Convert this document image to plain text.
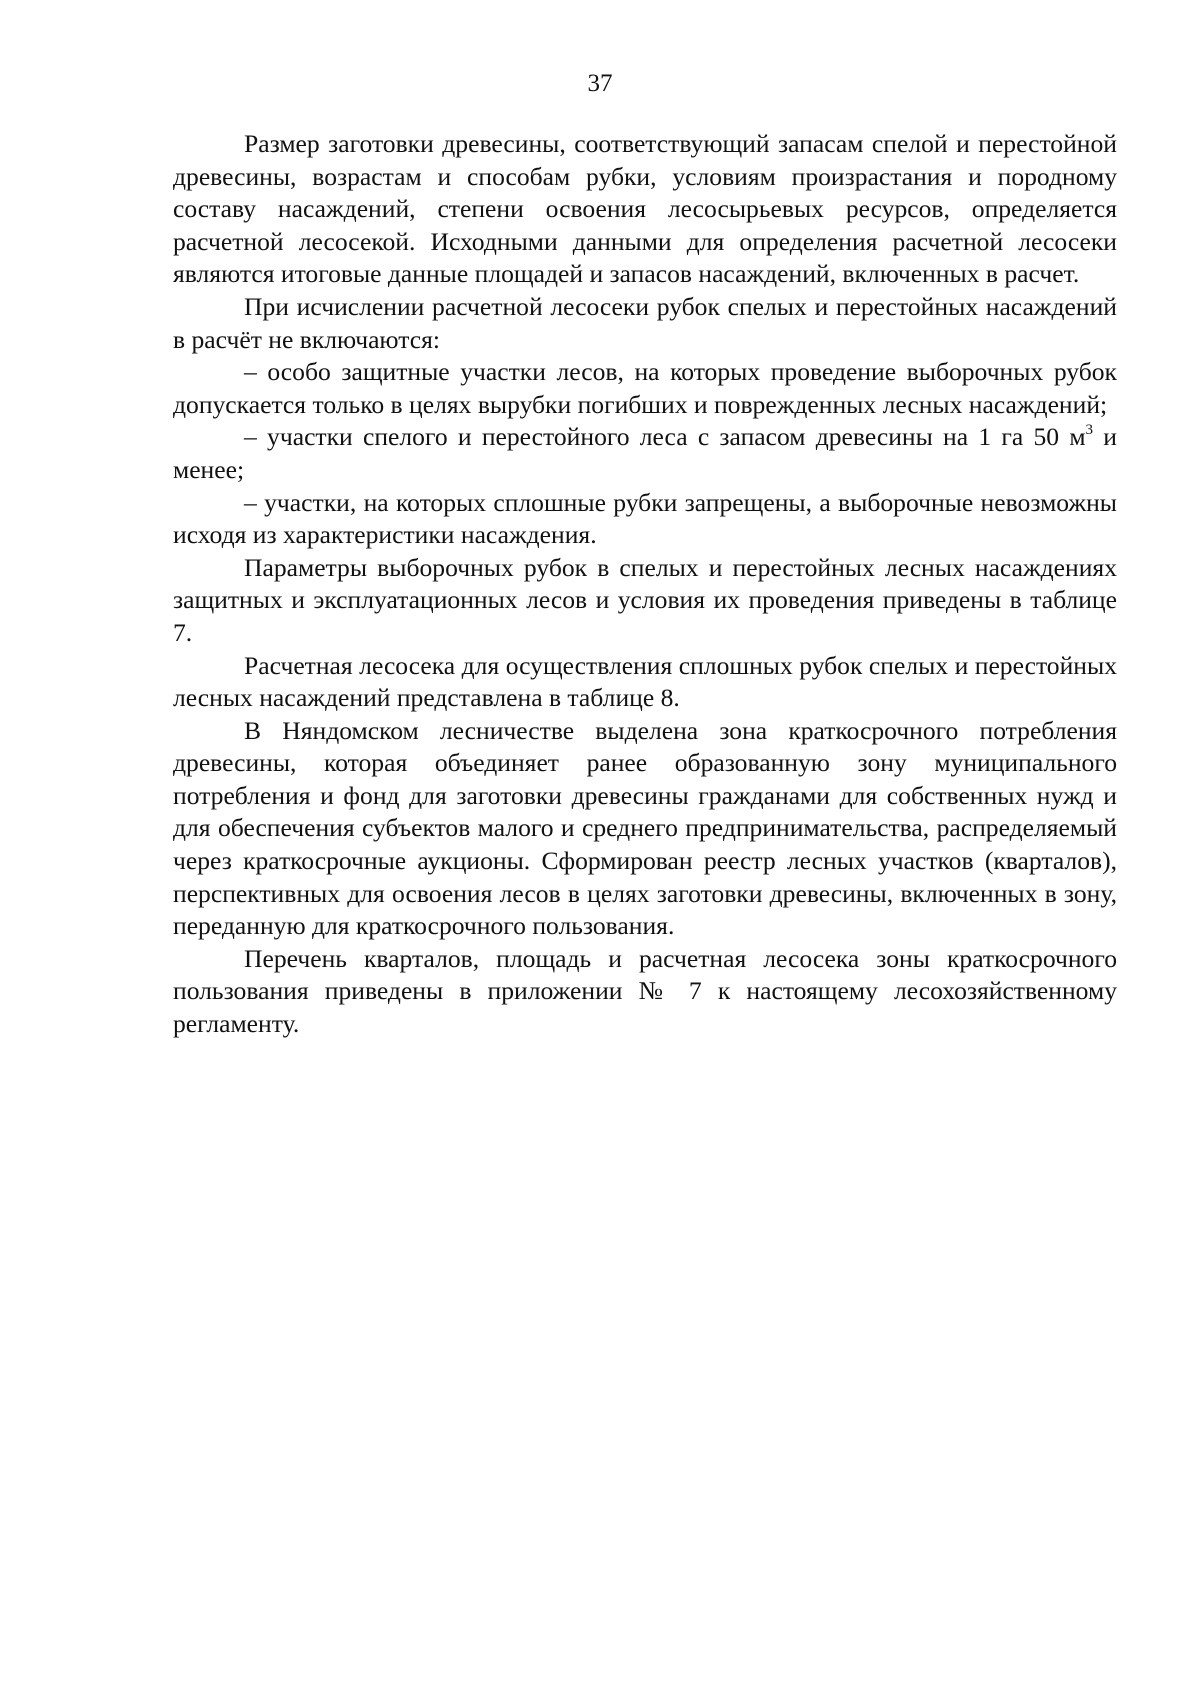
37

Размер заготовки древесины, соответствующий запасам спелой и перестойной древесины, возрастам и способам рубки, условиям произрастания и породному составу насаждений, степени освоения лесосырьевых ресурсов, определяется расчетной лесосекой. Исходными данными для определения расчетной лесосеки являются итоговые данные площадей и запасов насаждений, включенных в расчет.

При исчислении расчетной лесосеки рубок спелых и перестойных насаждений в расчёт не включаются:

– особо защитные участки лесов, на которых проведение выборочных рубок допускается только в целях вырубки погибших и поврежденных лесных насаждений;

– участки спелого и перестойного леса с запасом древесины на 1 га 50 $м^3$ и менее;

– участки, на которых сплошные рубки запрещены, а выборочные невозможны исходя из характеристики насаждения.

Параметры выборочных рубок в спелых и перестойных лесных насаждениях защитных и эксплуатационных лесов и условия их проведения приведены в таблице 7.

Расчетная лесосека для осуществления сплошных рубок спелых и перестойных лесных насаждений представлена в таблице 8.

В Няндомском лесничестве выделена зона краткосрочного потребления древесины, которая объединяет ранее образованную зону муниципального потребления и фонд для заготовки древесины гражданами для собственных нужд и для обеспечения субъектов малого и среднего предпринимательства, распределяемый через краткосрочные аукционы. Сформирован реестр лесных участков (кварталов), перспективных для освоения лесов в целях заготовки древесины, включенных в зону, переданную для краткосрочного пользования.

Перечень кварталов, площадь и расчетная лесосека зоны краткосрочного пользования приведены в приложении № 7 к настоящему лесохозяйственному регламенту.
